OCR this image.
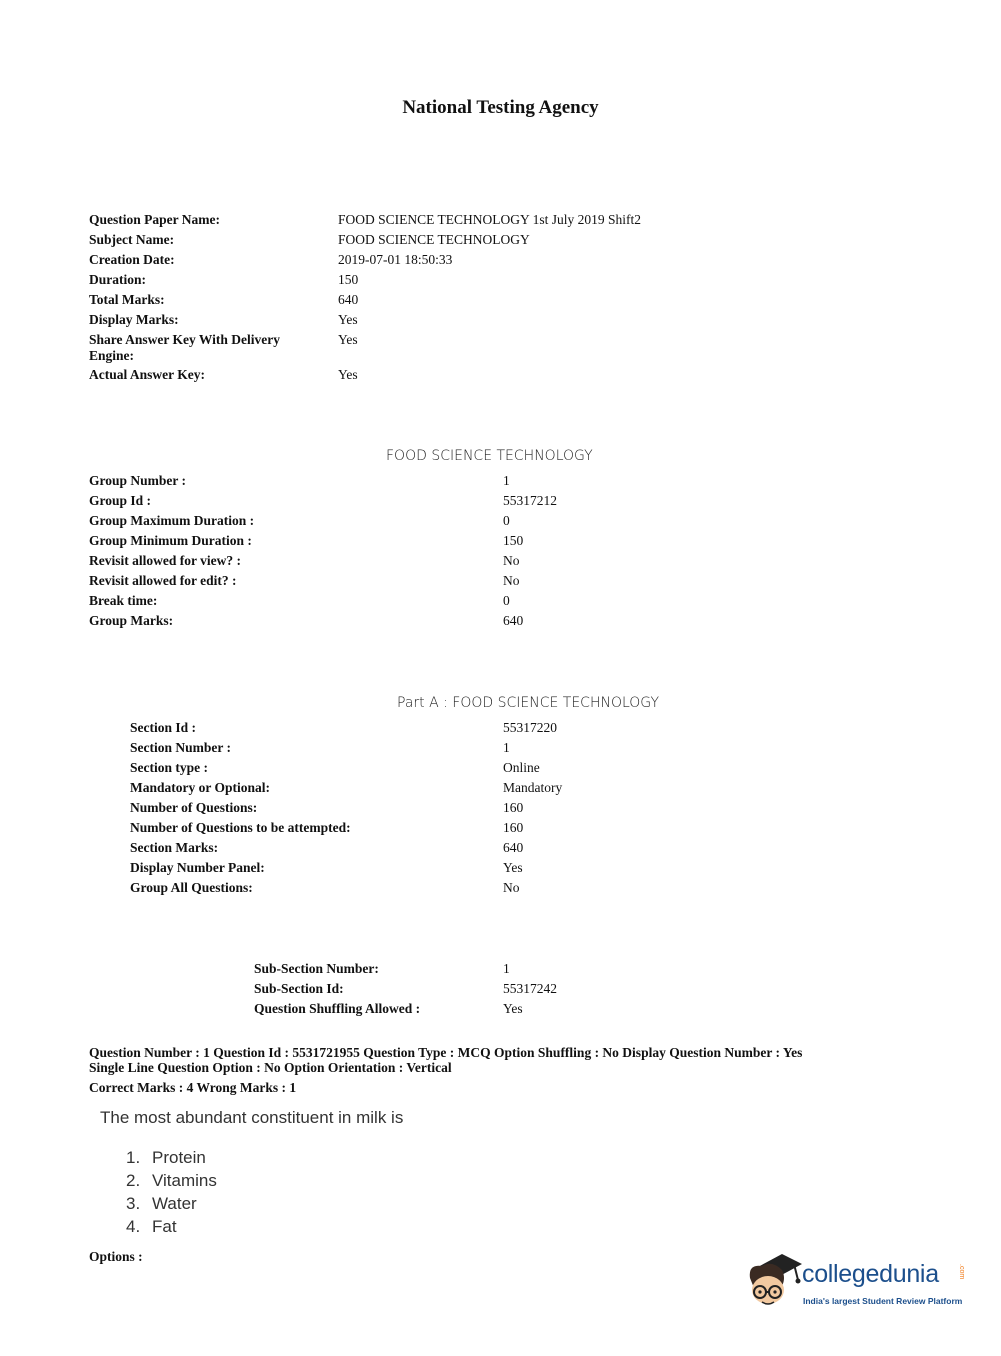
National Testing Agency
Question Paper Name:	FOOD SCIENCE TECHNOLOGY 1st July 2019 Shift2
Subject Name:	FOOD SCIENCE TECHNOLOGY
Creation Date:	2019-07-01 18:50:33
Duration:	150
Total Marks:	640
Display Marks:	Yes
Share Answer Key With Delivery Engine:
Yes
Actual Answer Key:	Yes
FOOD SCIENCE TECHNOLOGY
Group Number :	1
Group Id :	55317212
Group Maximum Duration :	0
Group Minimum Duration :	150
Revisit allowed for view? :	No
Revisit allowed for edit? :	No
Break time:	0
Group Marks:	640
Part A : FOOD SCIENCE TECHNOLOGY
Section Id :	55317220
Section Number :	1
Section type :	Online
Mandatory or Optional:	Mandatory
Number of Questions:	160
Number of Questions to be attempted:	160
Section Marks:	640
Display Number Panel:	Yes
Group All Questions:	No
Sub-Section Number:	1
Sub-Section Id:	55317242
Question Shuffling Allowed :	Yes
Question Number : 1 Question Id : 5531721955 Question Type : MCQ Option Shuffling : No Display Question Number : Yes
Single Line Question Option : No Option Orientation : Vertical
Correct Marks : 4 Wrong Marks : 1
The most abundant constituent in milk is
1. Protein
2. Vitamins
3. Water
4. Fat
Options :
collegedunia	.com
India's largest Student Review Platform
